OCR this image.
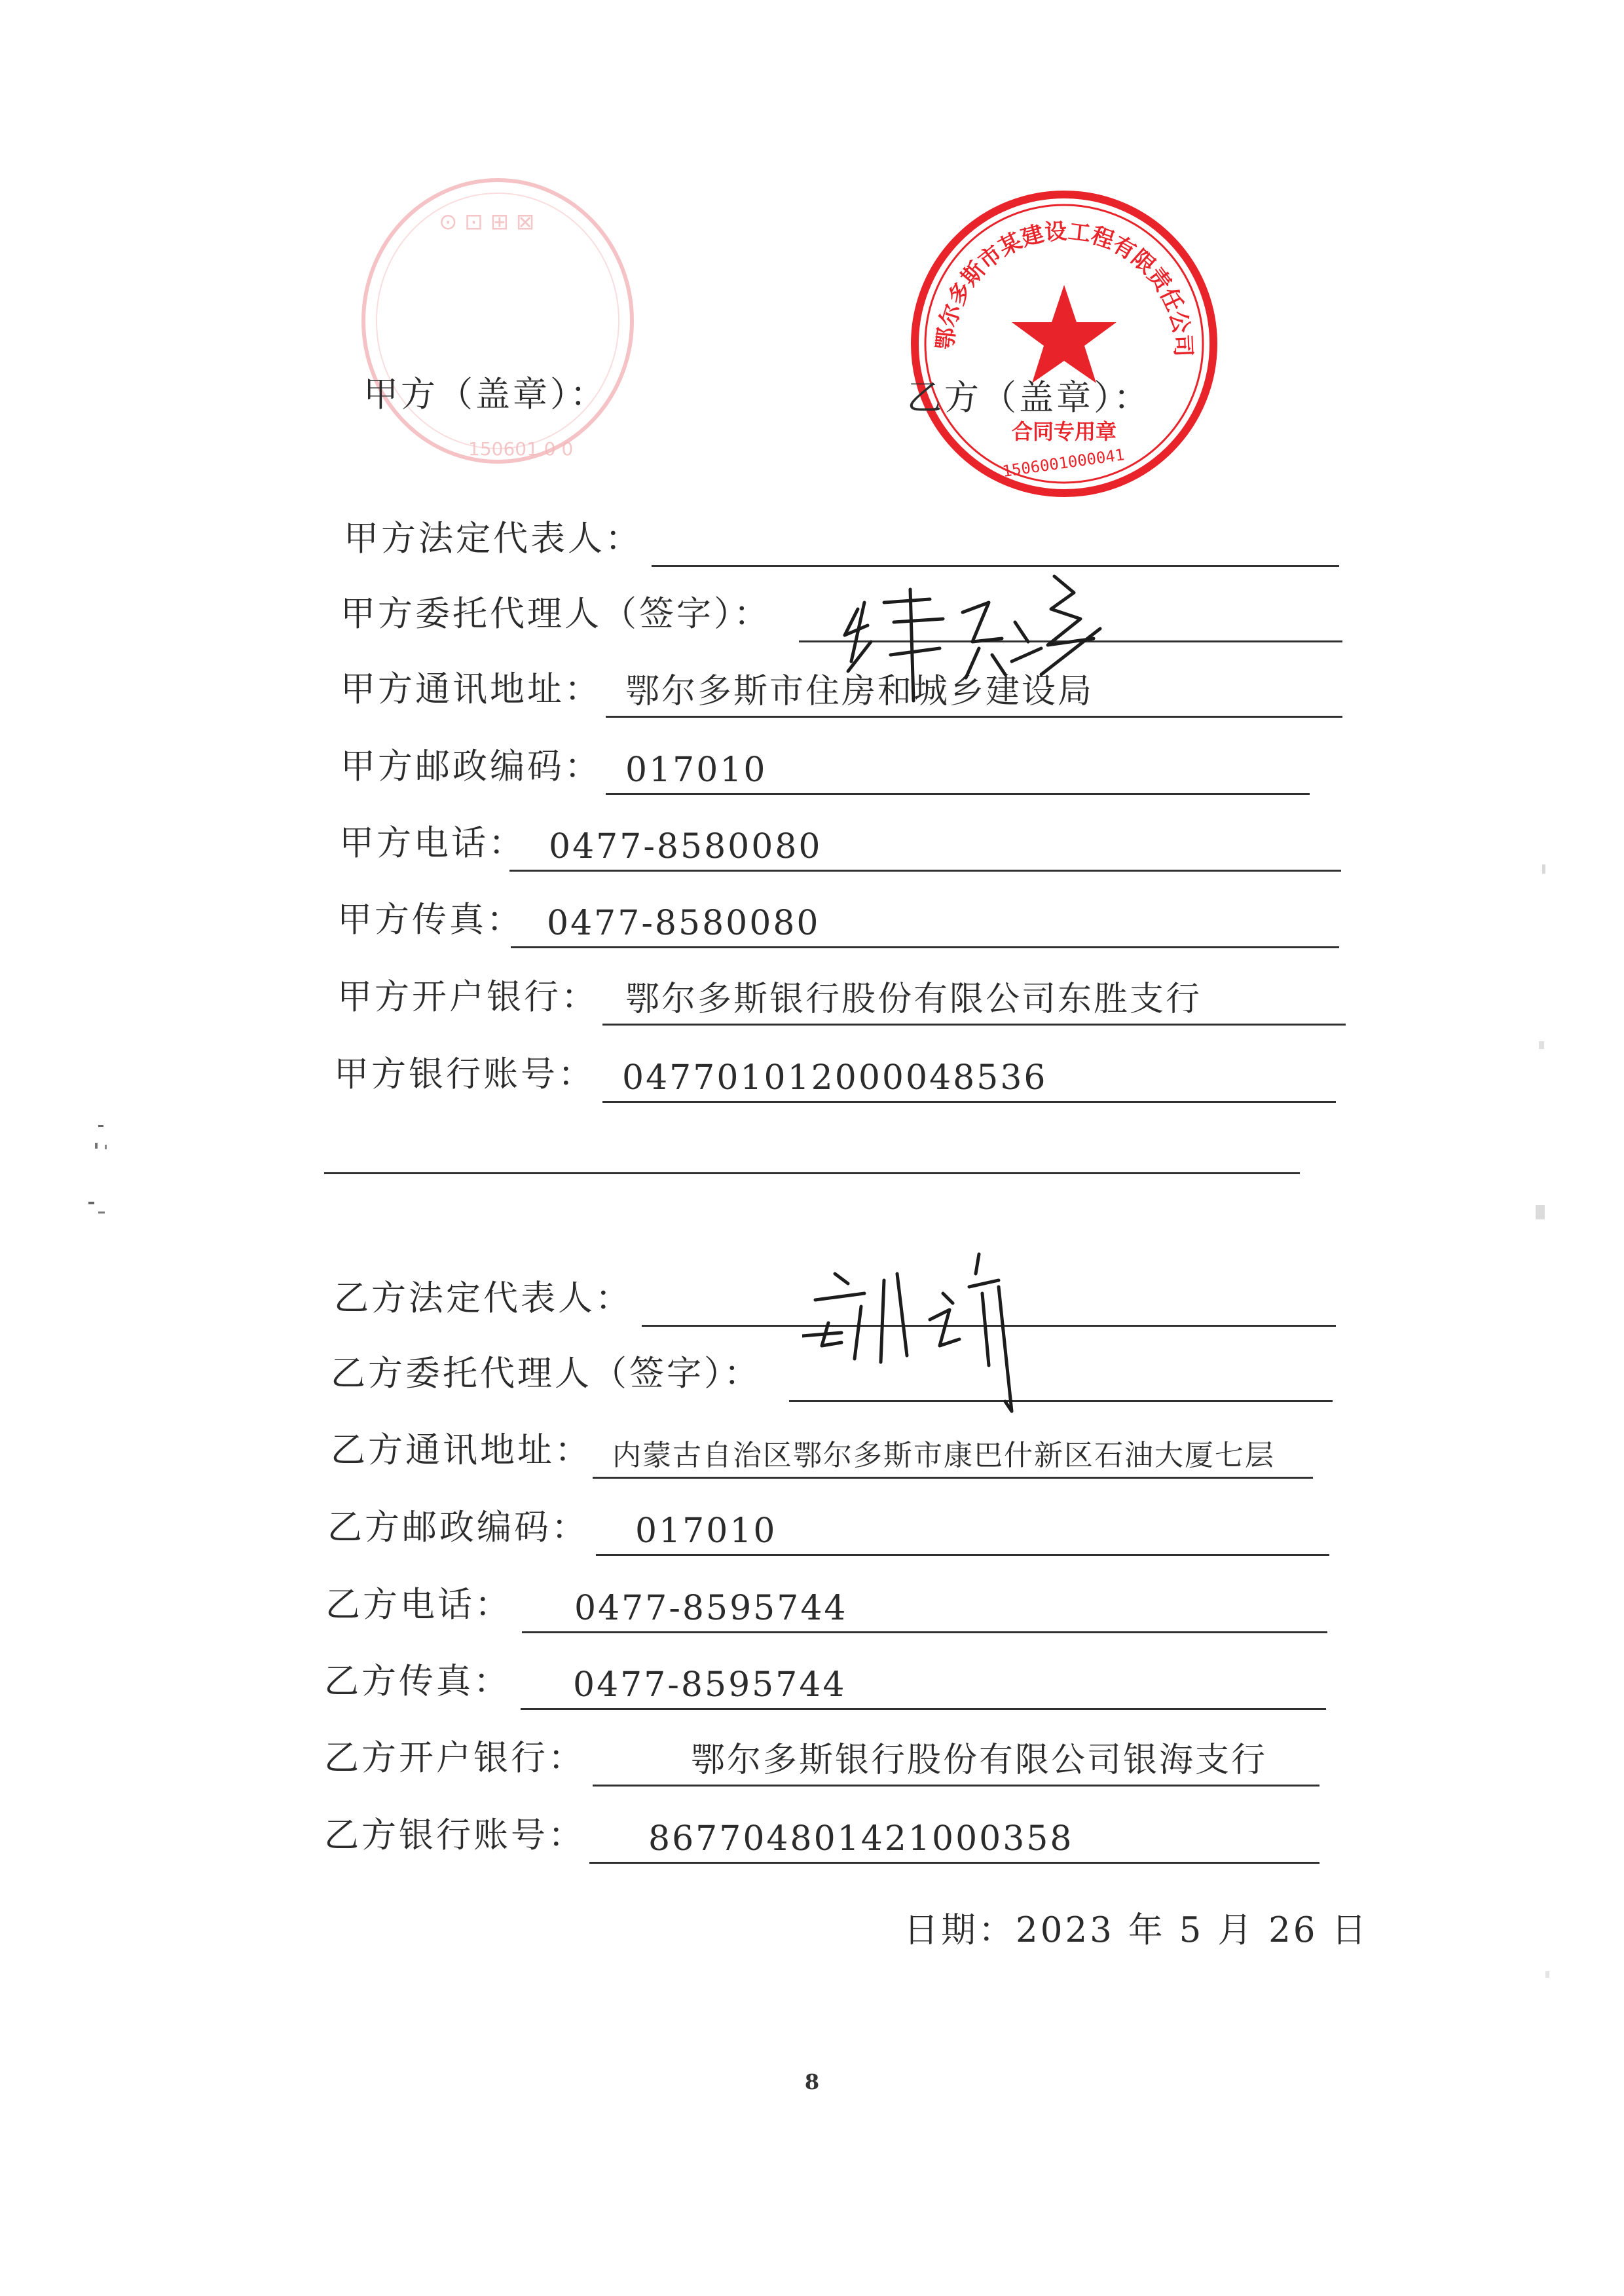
⊙ ⊡ ⊞ ⊠
150601 0 0
鄂尔多斯市某建设工程有限责任公司
合同专用章
1506001000041
甲方（盖章）：	乙方（盖章）：
甲方法定代表人：
甲方委托代理人（签字）：
甲方通讯地址： 鄂尔多斯市住房和城乡建设局
甲方邮政编码： 017010
甲方电话： 0477-8580080
甲方传真： 0477-8580080
甲方开户银行： 鄂尔多斯银行股份有限公司东胜支行
甲方银行账号： 047701012000048536
乙方法定代表人：
乙方委托代理人（签字）：
乙方通讯地址： 内蒙古自治区鄂尔多斯市康巴什新区石油大厦七层
乙方邮政编码： 017010
乙方电话： 0477-8595744
乙方传真： 0477-8595744
乙方开户银行：	鄂尔多斯银行股份有限公司银海支行
乙方银行账号： 867704801421000358
日期：2023 年 5 月 26 日
8
